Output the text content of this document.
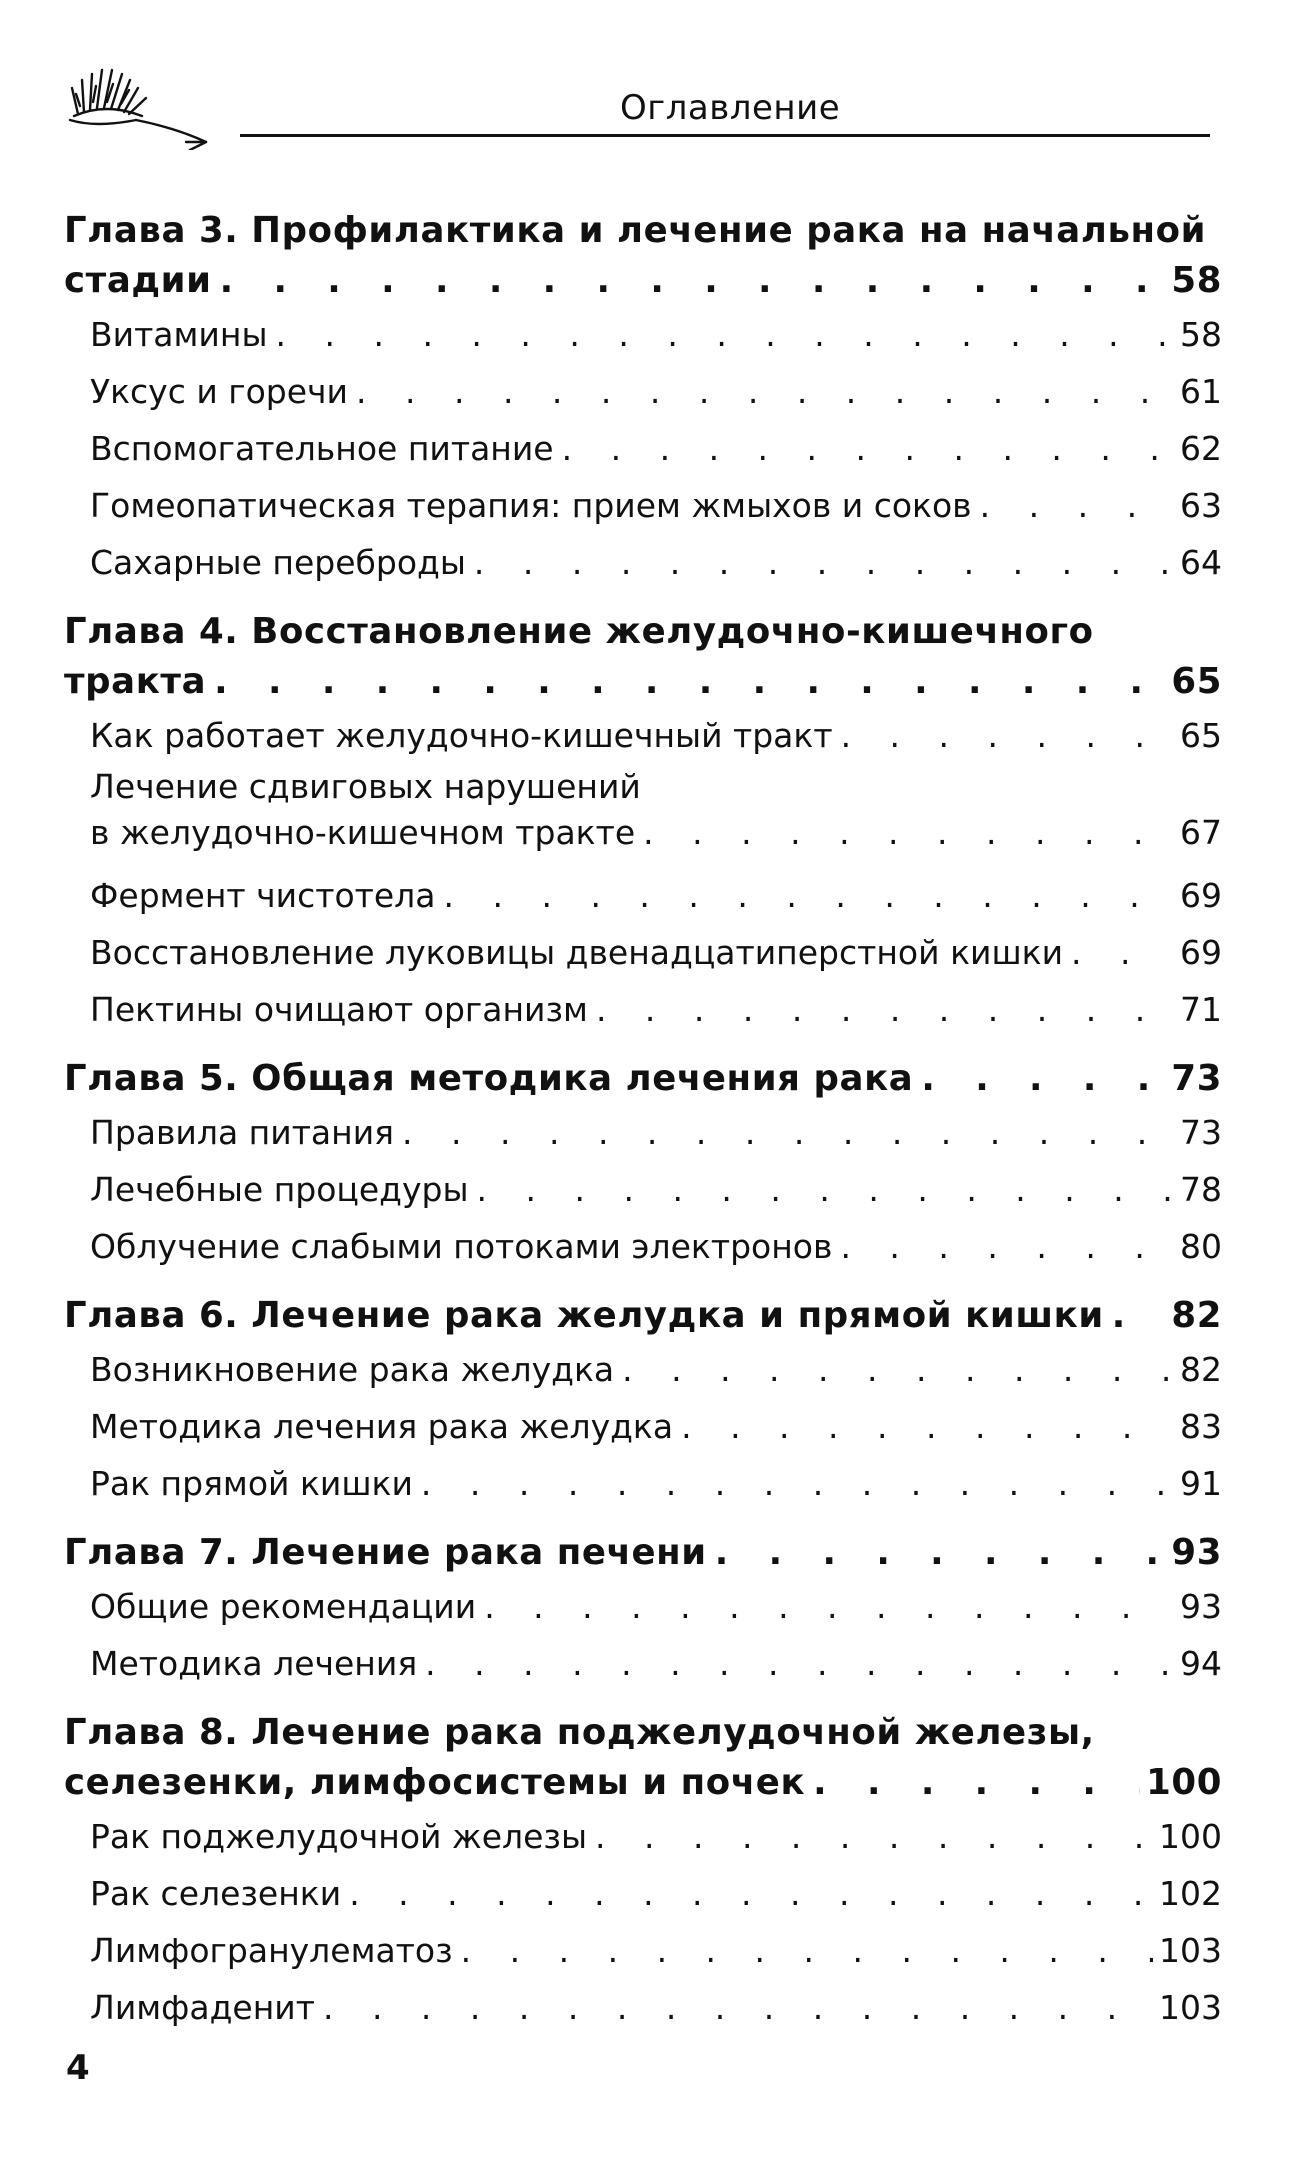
Оглавление
Глава 3. Профилактика и лечение рака на начальной
стадии . . .	58
Витамины . . .	58
Уксус и горечи . . .	61
Вспомогательное питание . . .	62
Гомеопатическая терапия: прием жмыхов и соков . . .	63
Сахарные переброды . . .	64
Глава 4. Восстановление желудочно-кишечного
тракта . . .	65
Как работает желудочно-кишечный тракт . . .	65
Лечение сдвиговых нарушений
в желудочно-кишечном тракте . . .	67
Фермент чистотела . . .	69
Восстановление луковицы двенадцатиперстной кишки . . .	69
Пектины очищают организм . . .	71
Глава 5. Общая методика лечения рака . . .	73
Правила питания . . .	73
Лечебные процедуры . . .	78
Облучение слабыми потоками электронов . . .	80
Глава 6. Лечение рака желудка и прямой кишки . . . 82
Возникновение рака желудка . . .	82
Методика лечения рака желудка . . .	83
Рак прямой кишки . . .	91
Глава 7. Лечение рака печени . . .	93
Общие рекомендации . . .	93
Методика лечения . . .	94
Глава 8. Лечение рака поджелудочной железы,
селезенки, лимфосистемы и почек . . .	100
Рак поджелудочной железы . . .	100
Рак селезенки . . .	102
Лимфогранулематоз . . .	103
Лимфаденит . . .	103
4
